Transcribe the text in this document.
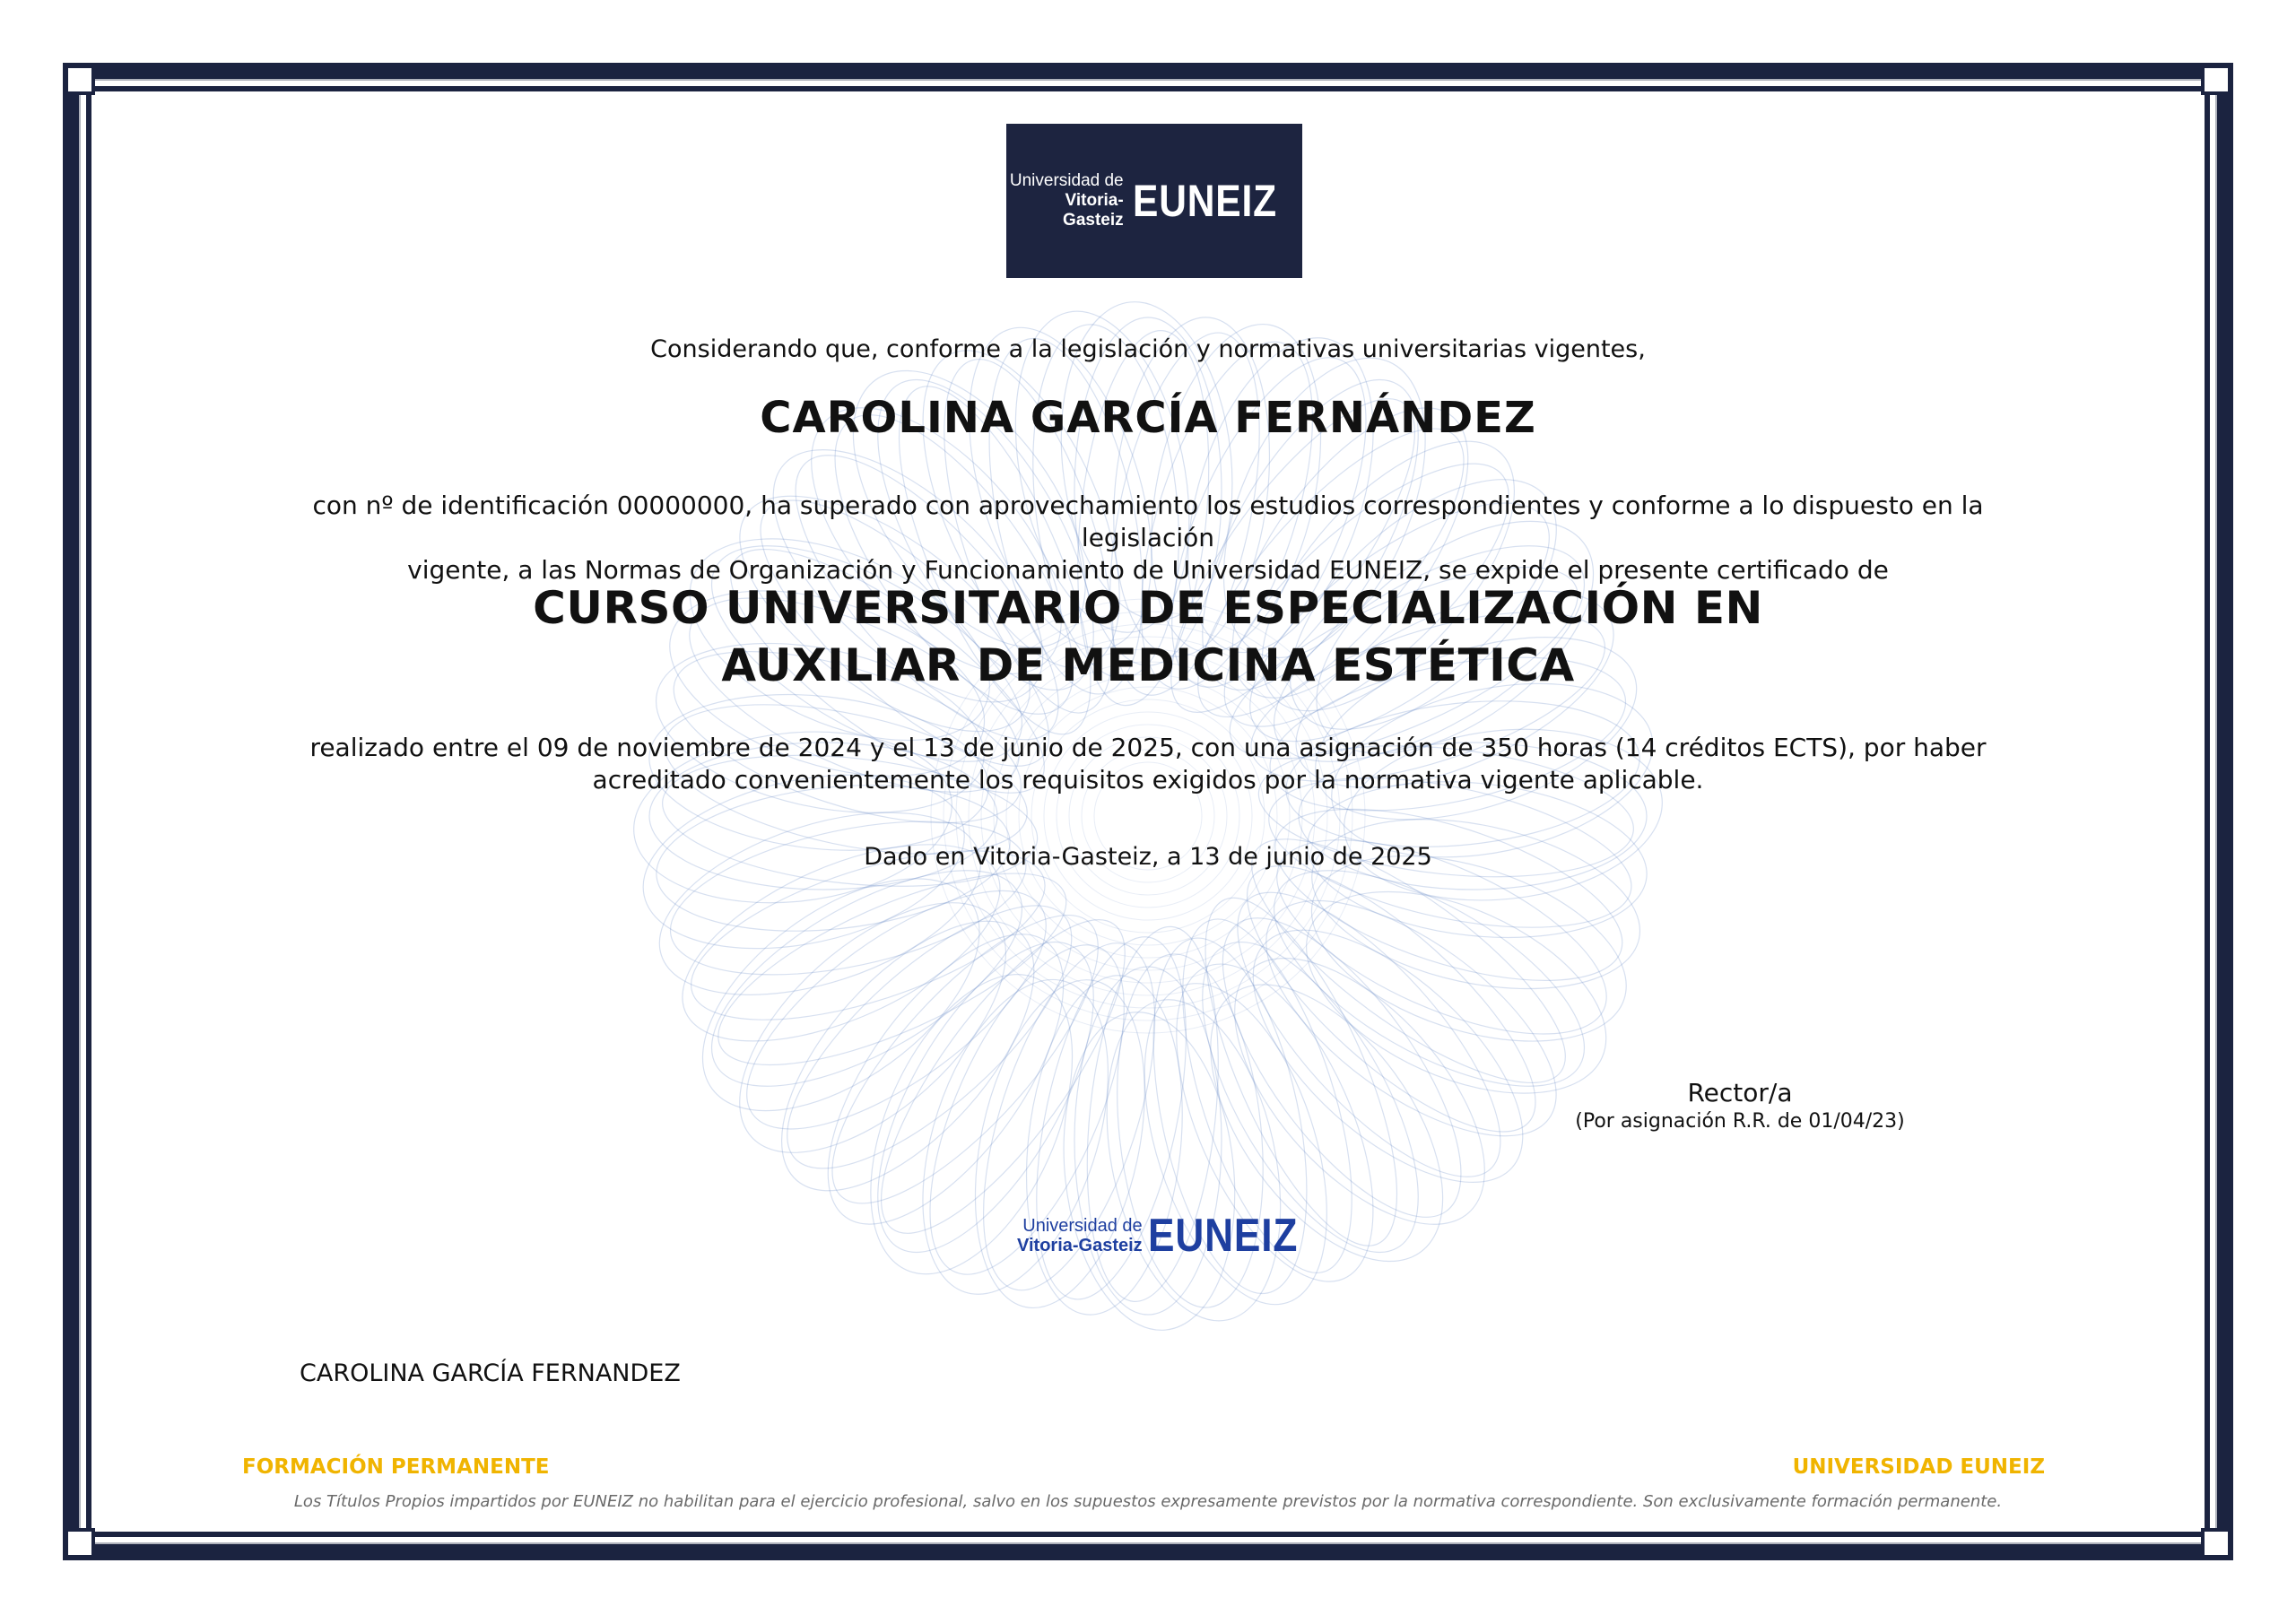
Universidad de
Vitoria-Gasteiz EUNEIZ
Considerando que, conforme a la legislación y normativas universitarias vigentes,
CAROLINA GARCÍA FERNÁNDEZ
con nº de identificación 00000000, ha superado con aprovechamiento los estudios correspondientes y conforme a lo dispuesto en la legislación
vigente, a las Normas de Organización y Funcionamiento de Universidad EUNEIZ, se expide el presente certificado de
CURSO UNIVERSITARIO DE ESPECIALIZACIÓN EN
AUXILIAR DE MEDICINA ESTÉTICA
realizado entre el 09 de noviembre de 2024 y el 13 de junio de 2025, con una asignación de 350 horas (14 créditos ECTS), por haber
acreditado convenientemente los requisitos exigidos por la normativa vigente aplicable.
Dado en Vitoria-Gasteiz, a 13 de junio de 2025
Rector/a
(Por asignación R.R. de 01/04/23)
Universidad de
Vitoria-Gasteiz EUNEIZ
CAROLINA GARCÍA FERNANDEZ
FORMACIÓN PERMANENTE	UNIVERSIDAD EUNEIZ
Los Títulos Propios impartidos por EUNEIZ no habilitan para el ejercicio profesional, salvo en los supuestos expresamente previstos por la normativa correspondiente. Son exclusivamente formación permanente.
